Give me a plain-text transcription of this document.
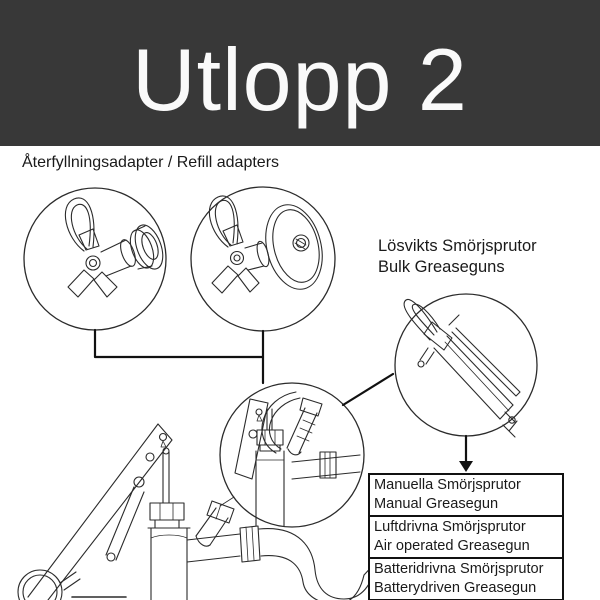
Utlopp 2
Återfyllningsadapter / Refill adapters
Lösvikts Smörjsprutor
Bulk Greaseguns
Manuella Smörjsprutor
Manual Greasegun
Luftdrivna Smörjsprutor
Air operated Greasegun
Batteridrivna Smörjsprutor
Batterydriven Greasegun
